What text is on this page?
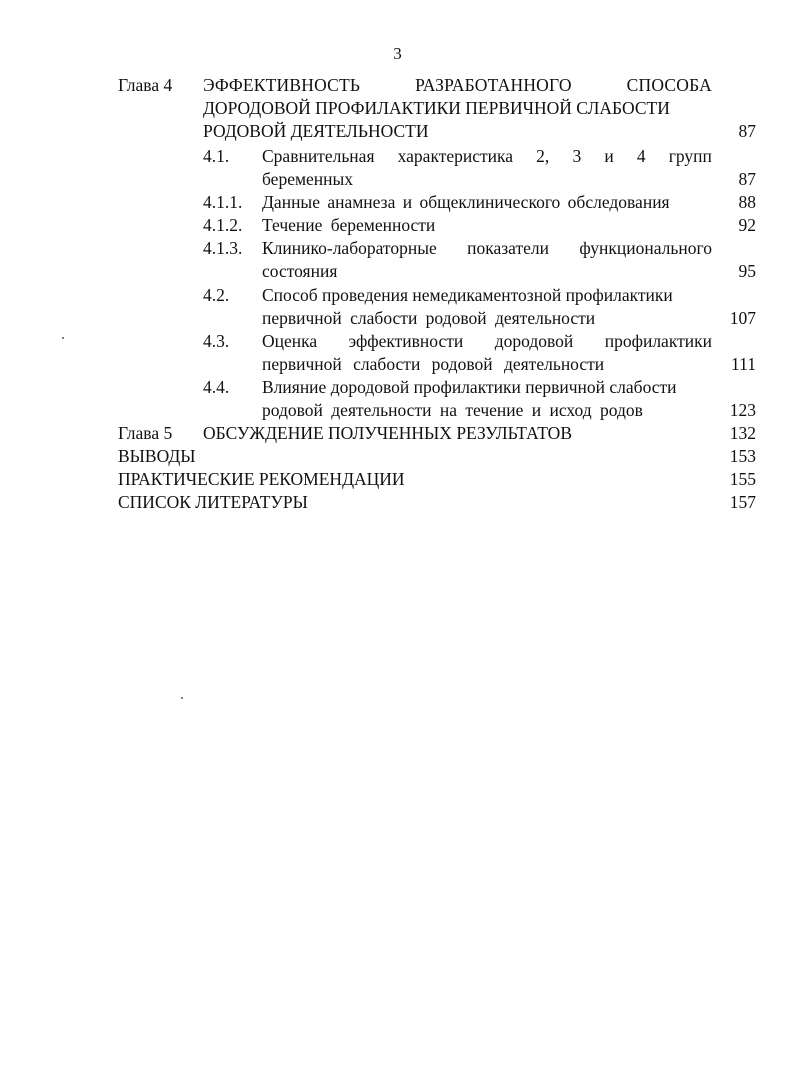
3
Глава 4 ЭФФЕКТИВНОСТЬ	РАЗРАБОТАННОГО	СПОСОБА
ДОРОДОВОЙ ПРОФИЛАКТИКИ ПЕРВИЧНОЙ СЛАБОСТИ
РОДОВОЙ ДЕЯТЕЛЬНОСТИ	87
4.1. Сравнительная характеристика 2, 3 и 4 групп
беременных	87
4.1.1. Данные анамнеза и общеклинического обследования	88
4.1.2. Течение беременности	92
4.1.3. Клинико-лабораторные показатели функционального
состояния	95
4.2. Способ проведения немедикаментозной профилактики
первичной слабости родовой деятельности	107
4.3. Оценка эффективности дородовой профилактики
первичной слабости родовой деятельности	111
4.4. Влияние дородовой профилактики первичной слабости
родовой деятельности на течение и исход родов	123
Глава 5 ОБСУЖДЕНИЕ ПОЛУЧЕННЫХ РЕЗУЛЬТАТОВ	132
ВЫВОДЫ	153
ПРАКТИЧЕСКИЕ РЕКОМЕНДАЦИИ	155
СПИСОК ЛИТЕРАТУРЫ	157
